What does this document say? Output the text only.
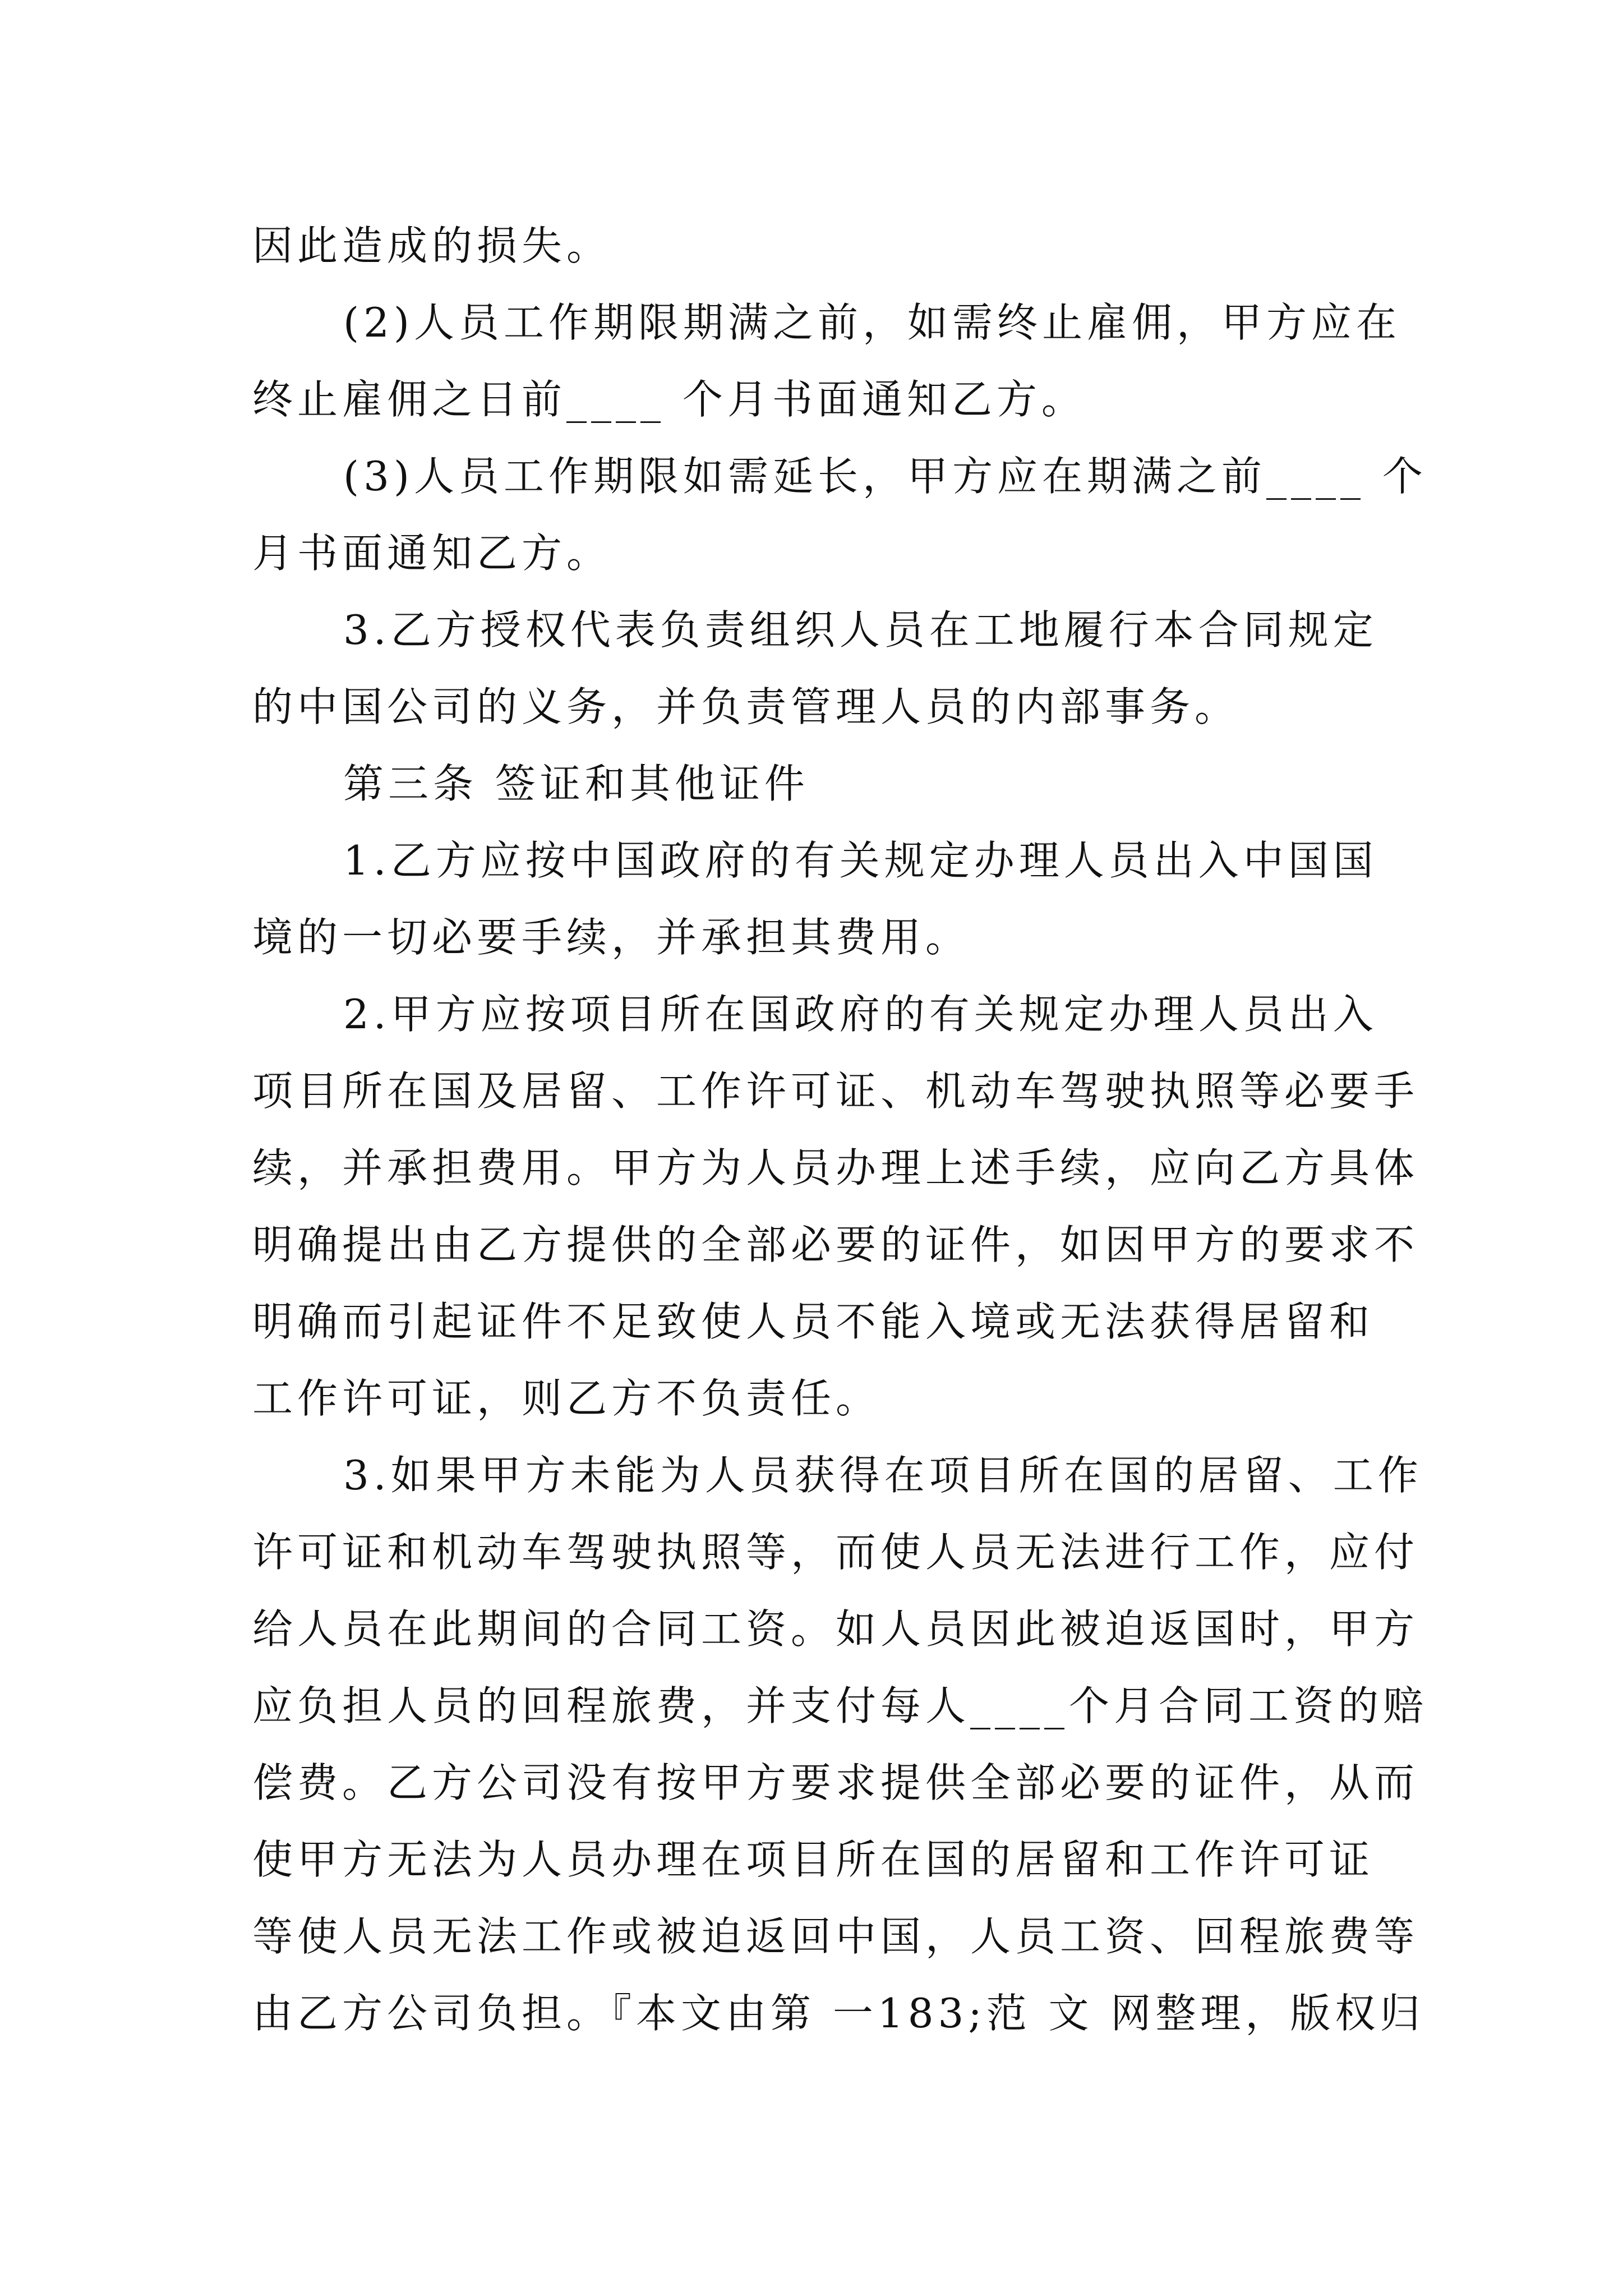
因此造成的损失。
(2)人员工作期限期满之前，如需终止雇佣，甲方应在
终止雇佣之日前____ 个月书面通知乙方。
(3)人员工作期限如需延长，甲方应在期满之前____ 个
月书面通知乙方。
3.乙方授权代表负责组织人员在工地履行本合同规定
的中国公司的义务，并负责管理人员的内部事务。
第三条 签证和其他证件
1.乙方应按中国政府的有关规定办理人员出入中国国
境的一切必要手续，并承担其费用。
2.甲方应按项目所在国政府的有关规定办理人员出入
项目所在国及居留、工作许可证、机动车驾驶执照等必要手
续，并承担费用。甲方为人员办理上述手续，应向乙方具体
明确提出由乙方提供的全部必要的证件，如因甲方的要求不
明确而引起证件不足致使人员不能入境或无法获得居留和
工作许可证，则乙方不负责任。
3.如果甲方未能为人员获得在项目所在国的居留、工作
许可证和机动车驾驶执照等，而使人员无法进行工作，应付
给人员在此期间的合同工资。如人员因此被迫返国时，甲方
应负担人员的回程旅费，并支付每人____个月合同工资的赔
偿费。乙方公司没有按甲方要求提供全部必要的证件，从而
使甲方无法为人员办理在项目所在国的居留和工作许可证
等使人员无法工作或被迫返回中国，人员工资、回程旅费等
由乙方公司负担。『本文由第 一183;范 文 网整理，版权归
